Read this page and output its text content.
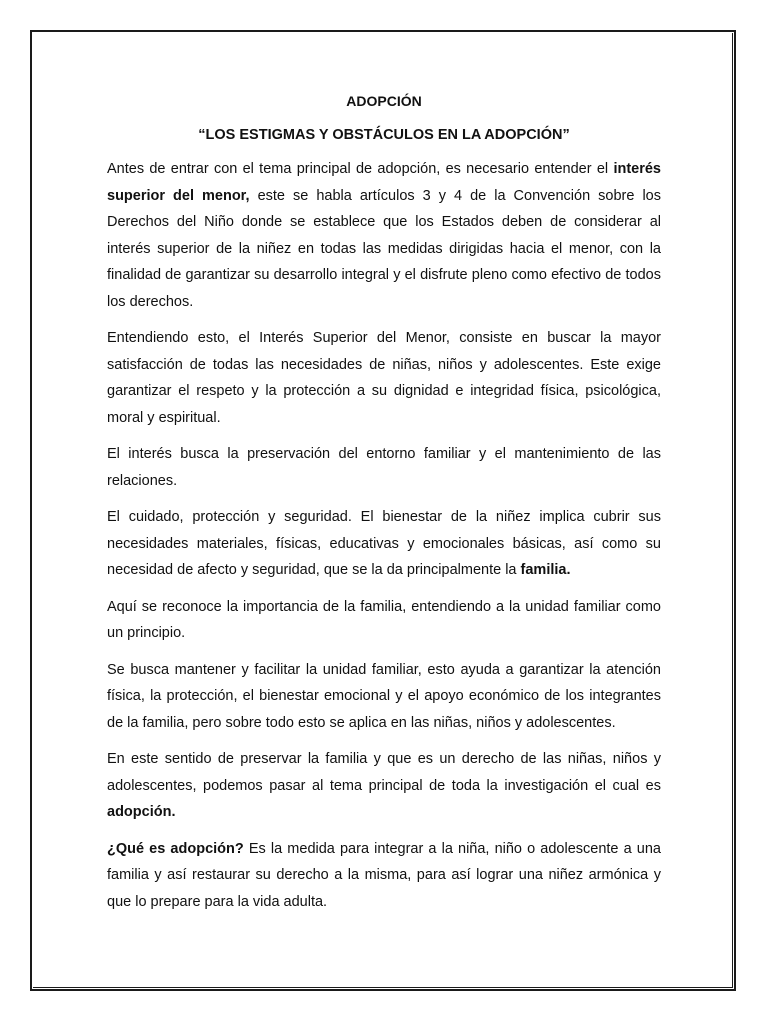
ADOPCIÓN
“LOS ESTIGMAS Y OBSTÁCULOS EN LA ADOPCIÓN”

Antes de entrar con el tema principal de adopción, es necesario entender el interés superior del menor, este se habla artículos 3 y 4 de la Convención sobre los Derechos del Niño donde se establece que los Estados deben de considerar al interés superior de la niñez en todas las medidas dirigidas hacia el menor, con la finalidad de garantizar su desarrollo integral y el disfrute pleno como efectivo de todos los derechos.

Entendiendo esto, el Interés Superior del Menor, consiste en buscar la mayor satisfacción de todas las necesidades de niñas, niños y adolescentes. Este exige garantizar el respeto y la protección a su dignidad e integridad física, psicológica, moral y espiritual.

El interés busca la preservación del entorno familiar y el mantenimiento de las relaciones.

El cuidado, protección y seguridad. El bienestar de la niñez implica cubrir sus necesidades materiales, físicas, educativas y emocionales básicas, así como su necesidad de afecto y seguridad, que se la da principalmente la familia.

Aquí se reconoce la importancia de la familia, entendiendo a la unidad familiar como un principio.

Se busca mantener y facilitar la unidad familiar, esto ayuda a garantizar la atención física, la protección, el bienestar emocional y el apoyo económico de los integrantes de la familia, pero sobre todo esto se aplica en las niñas, niños y adolescentes.

En este sentido de preservar la familia y que es un derecho de las niñas, niños y adolescentes, podemos pasar al tema principal de toda la investigación el cual es adopción.

¿Qué es adopción? Es la medida para integrar a la niña, niño o adolescente a una familia y así restaurar su derecho a la misma, para así lograr una niñez armónica y que lo prepare para la vida adulta.
